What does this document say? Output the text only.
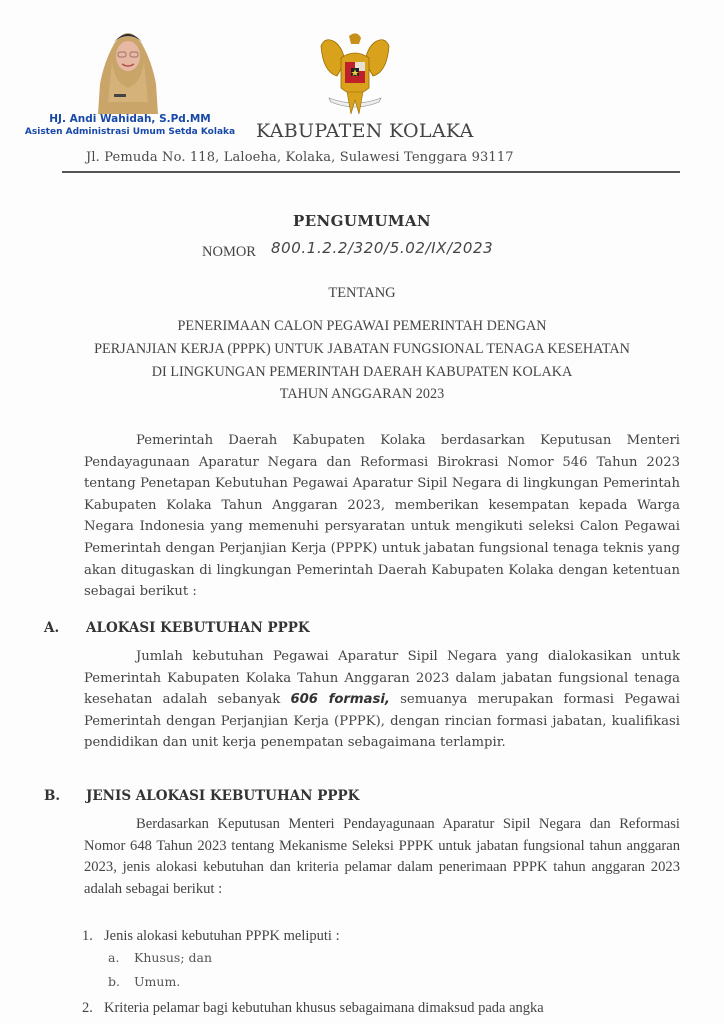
HJ. Andi Wahidah, S.Pd.MM
Asisten Administrasi Umum Setda Kolaka	KABUPATEN KOLAKA
Jl. Pemuda No. 118, Laloeha, Kolaka, Sulawesi Tenggara 93117
PENGUMUMAN
NOMOR 800.1.2.2/320/5.02/IX/2023
TENTANG
PENERIMAAN CALON PEGAWAI PEMERINTAH DENGAN
PERJANJIAN KERJA (PPPK) UNTUK JABATAN FUNGSIONAL TENAGA KESEHATAN
DI LINGKUNGAN PEMERINTAH DAERAH KABUPATEN KOLAKA
TAHUN ANGGARAN 2023
Pemerintah Daerah Kabupaten Kolaka berdasarkan Keputusan Menteri Pendayagunaan Aparatur Negara dan Reformasi Birokrasi Nomor 546 Tahun 2023 tentang Penetapan Kebutuhan Pegawai Aparatur Sipil Negara di lingkungan Pemerintah Kabupaten Kolaka Tahun Anggaran 2023, memberikan kesempatan kepada Warga Negara Indonesia yang memenuhi persyaratan untuk mengikuti seleksi Calon Pegawai Pemerintah dengan Perjanjian Kerja (PPPK) untuk jabatan fungsional tenaga teknis yang akan ditugaskan di lingkungan Pemerintah Daerah Kabupaten Kolaka dengan ketentuan sebagai berikut :
A. ALOKASI KEBUTUHAN PPPK
Jumlah kebutuhan Pegawai Aparatur Sipil Negara yang dialokasikan untuk Pemerintah Kabupaten Kolaka Tahun Anggaran 2023 dalam jabatan fungsional tenaga kesehatan adalah sebanyak 606 formasi, semuanya merupakan formasi Pegawai Pemerintah dengan Perjanjian Kerja (PPPK), dengan rincian formasi jabatan, kualifikasi pendidikan dan unit kerja penempatan sebagaimana terlampir.
B. JENIS ALOKASI KEBUTUHAN PPPK
Berdasarkan Keputusan Menteri Pendayagunaan Aparatur Sipil Negara dan Reformasi Nomor 648 Tahun 2023 tentang Mekanisme Seleksi PPPK untuk jabatan fungsional tahun anggaran 2023, jenis alokasi kebutuhan dan kriteria pelamar dalam penerimaan PPPK tahun anggaran 2023 adalah sebagai berikut :
1. Jenis alokasi kebutuhan PPPK meliputi :
a. Khusus; dan
b. Umum.
2. Kriteria pelamar bagi kebutuhan khusus sebagaimana dimaksud pada angka
